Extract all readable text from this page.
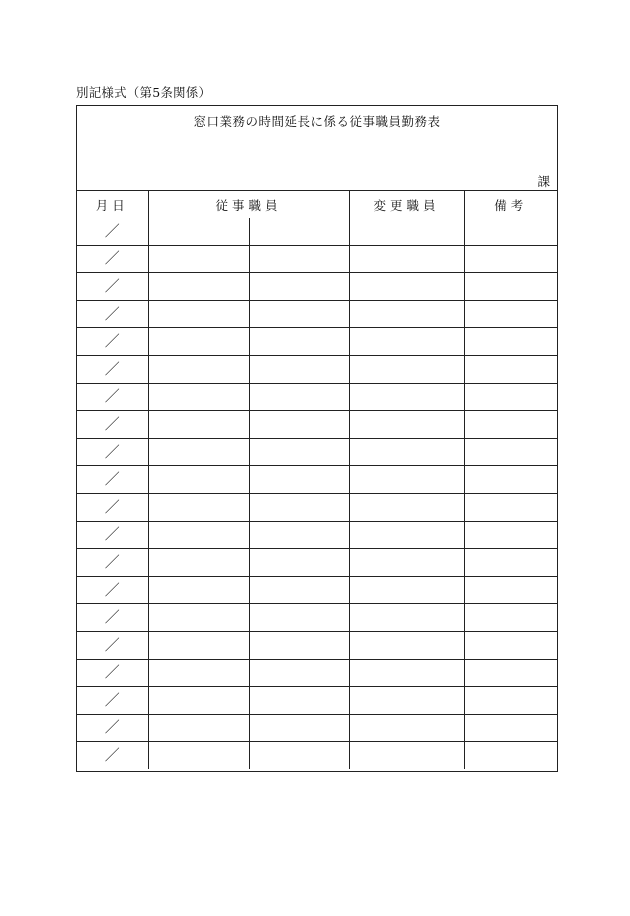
別記様式（第5条関係）
窓口業務の時間延長に係る従事職員勤務表
課
月日	従事職員		変更職員	備考
／				
／				
／				
／				
／				
／				
／				
／				
／				
／				
／				
／				
／				
／				
／				
／				
／				
／				
／				
／				
